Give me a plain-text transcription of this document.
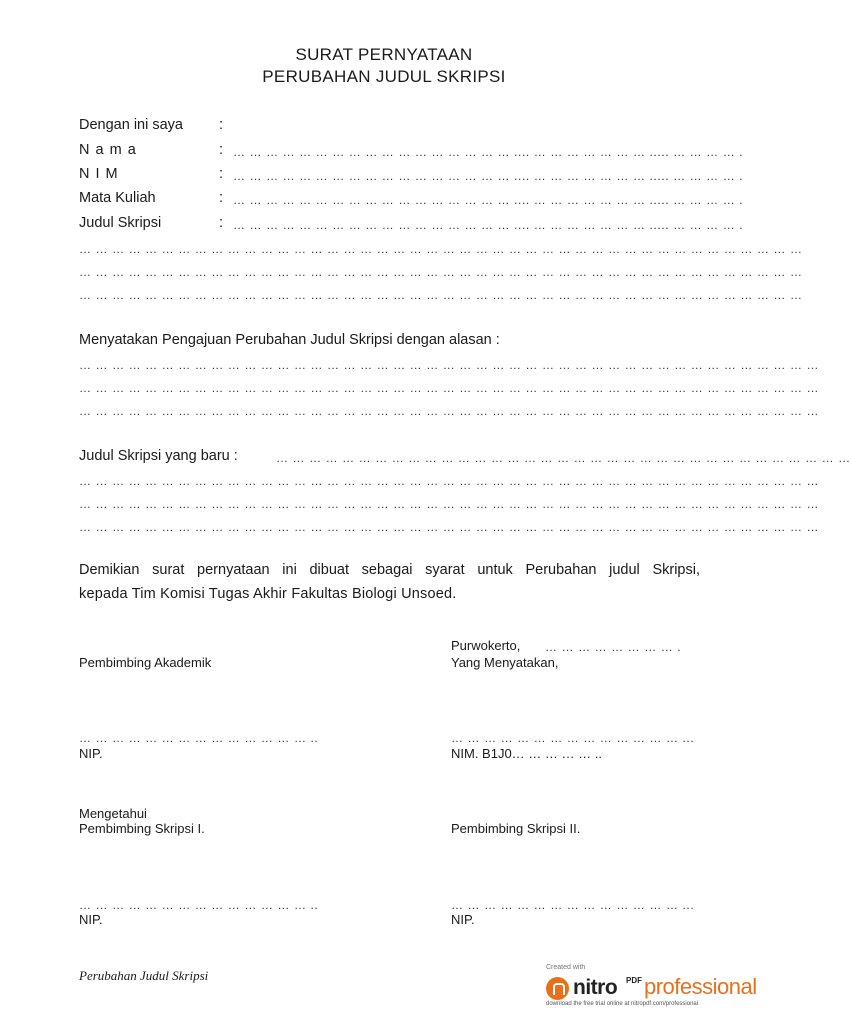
SURAT PERNYATAAN
PERUBAHAN JUDUL SKRIPSI
Dengan ini saya :
N a m a	: … … … … … … … … … … … … … … … … … .... … … … … … … … ..... … … … … .
N I M	: … … … … … … … … … … … … … … … … … .... … … … … … … … ..... … … … … .
Mata Kuliah	: … … … … … … … … … … … … … … … … … .... … … … … … … … ..... … … … … .
Judul Skripsi	: … … … … … … … … … … … … … … … … … .... … … … … … … … ..... … … … … .
… … … … … … … … … … … … … … … … … … … … … … … … … … … … … … … … … … … … … … … … … … … …
… … … … … … … … … … … … … … … … … … … … … … … … … … … … … … … … … … … … … … … … … … … …
… … … … … … … … … … … … … … … … … … … … … … … … … … … … … … … … … … … … … … … … … … … …
Menyatakan Pengajuan Perubahan Judul Skripsi dengan alasan :
… … … … … … … … … … … … … … … … … … … … … … … … … … … … … … … … … … … … … … … … … … … … …
… … … … … … … … … … … … … … … … … … … … … … … … … … … … … … … … … … … … … … … … … … … … …
… … … … … … … … … … … … … … … … … … … … … … … … … … … … … … … … … … … … … … … … … … … … …
Judul Skripsi yang baru :	… … … … … … … … … … … … … … … … … … … … … … … … … … … … … … … … … … …
… … … … … … … … … … … … … … … … … … … … … … … … … … … … … … … … … … … … … … … … … … … … …
… … … … … … … … … … … … … … … … … … … … … … … … … … … … … … … … … … … … … … … … … … … … …
… … … … … … … … … … … … … … … … … … … … … … … … … … … … … … … … … … … … … … … … … … … … …
Demikian surat pernyataan ini dibuat sebagai syarat untuk Perubahan judul Skripsi,
kepada Tim Komisi Tugas Akhir Fakultas Biologi Unsoed.
Purwokerto, … … … … … … … … .
Pembimbing Akademik	Yang Menyatakan,
… … … … … … … … … … … … … … ..	… … … … … … … … … … … … … … ...
NIP.	NIM. B1J0… … … … … ..
Mengetahui
Pembimbing Skripsi I.	Pembimbing Skripsi II.
… … … … … … … … … … … … … … ..	… … … … … … … … … … … … … … ...
NIP.	NIP.
Perubahan Judul Skripsi
Created with
nitro PDF professional
download the free trial online at nitropdf.com/professional
